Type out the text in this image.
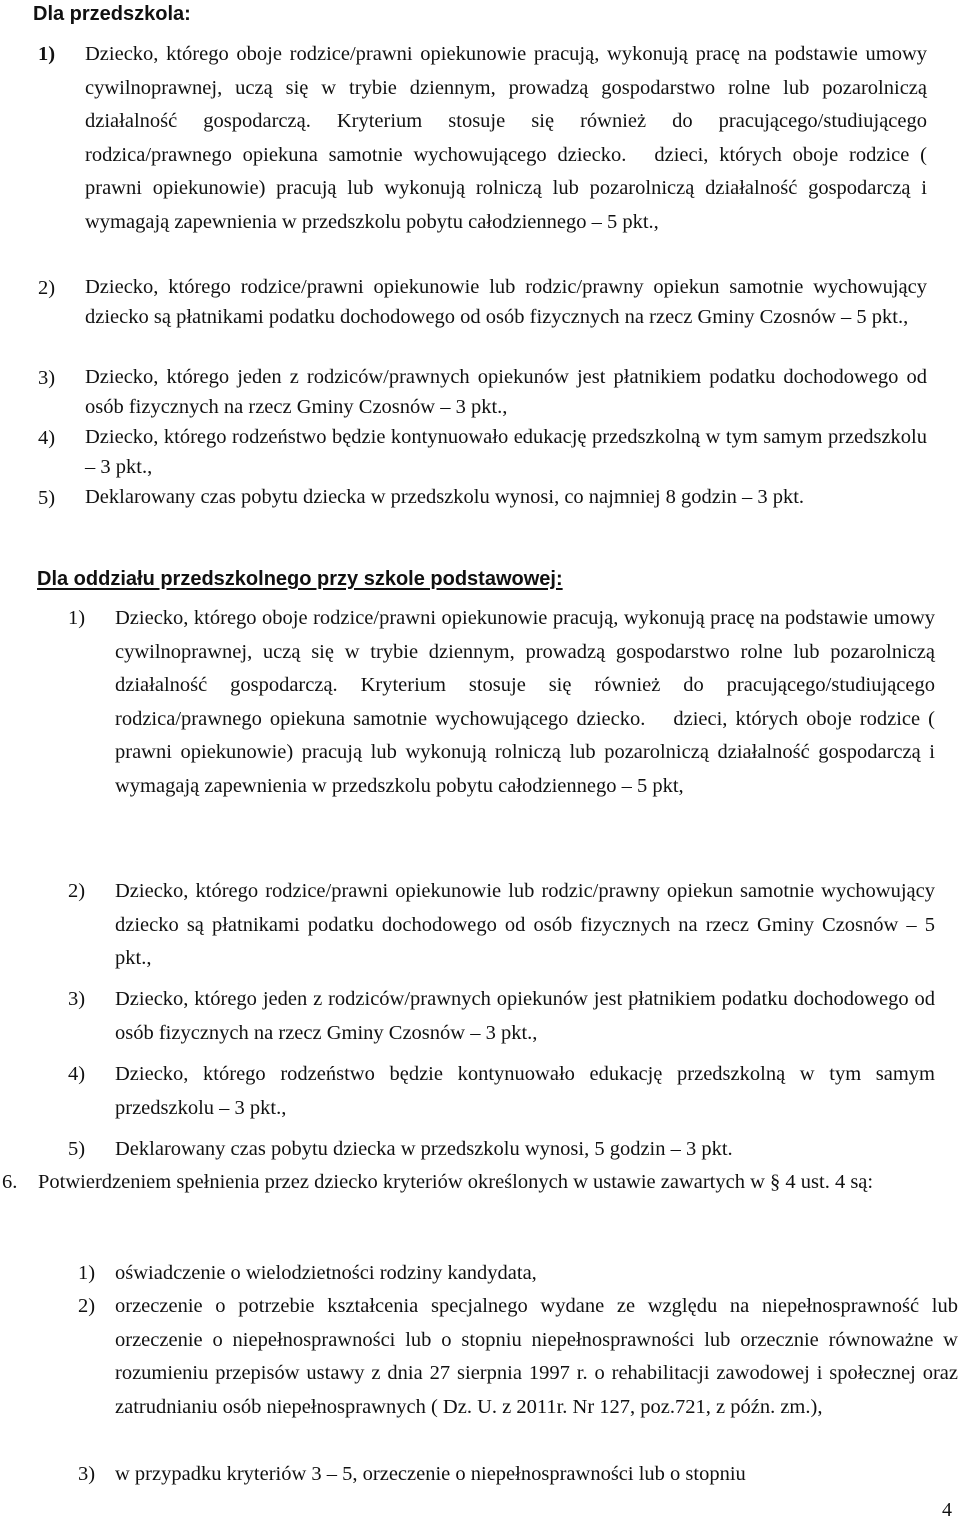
Dla przedszkola:
1) Dziecko, którego oboje rodzice/prawni opiekunowie pracują, wykonują pracę na podstawie umowy cywilnoprawnej, uczą się w trybie dziennym, prowadzą gospodarstwo rolne lub pozarolniczą działalność gospodarczą. Kryterium stosuje się również do pracującego/studiującego rodzica/prawnego opiekuna samotnie wychowującego dziecko. dzieci, których oboje rodzice ( prawni opiekunowie) pracują lub wykonują rolniczą lub pozarolniczą działalność gospodarczą i wymagają zapewnienia w przedszkolu pobytu całodziennego – 5 pkt.,
2) Dziecko, którego rodzice/prawni opiekunowie lub rodzic/prawny opiekun samotnie wychowujący dziecko są płatnikami podatku dochodowego od osób fizycznych na rzecz Gminy Czosnów – 5 pkt.,
3) Dziecko, którego jeden z rodziców/prawnych opiekunów jest płatnikiem podatku dochodowego od osób fizycznych na rzecz Gminy Czosnów – 3 pkt.,
4) Dziecko, którego rodzeństwo będzie kontynuowało edukację przedszkolną w tym samym przedszkolu – 3 pkt.,
5) Deklarowany czas pobytu dziecka w przedszkolu wynosi, co najmniej 8 godzin – 3 pkt.
Dla oddziału przedszkolnego przy szkole podstawowej:
1) Dziecko, którego oboje rodzice/prawni opiekunowie pracują, wykonują pracę na podstawie umowy cywilnoprawnej, uczą się w trybie dziennym, prowadzą gospodarstwo rolne lub pozarolniczą działalność gospodarczą. Kryterium stosuje się również do pracującego/studiującego rodzica/prawnego opiekuna samotnie wychowującego dziecko. dzieci, których oboje rodzice ( prawni opiekunowie) pracują lub wykonują rolniczą lub pozarolniczą działalność gospodarczą i wymagają zapewnienia w przedszkolu pobytu całodziennego – 5 pkt,
2) Dziecko, którego rodzice/prawni opiekunowie lub rodzic/prawny opiekun samotnie wychowujący dziecko są płatnikami podatku dochodowego od osób fizycznych na rzecz Gminy Czosnów – 5 pkt.,
3) Dziecko, którego jeden z rodziców/prawnych opiekunów jest płatnikiem podatku dochodowego od osób fizycznych na rzecz Gminy Czosnów – 3 pkt.,
4) Dziecko, którego rodzeństwo będzie kontynuowało edukację przedszkolną w tym samym przedszkolu – 3 pkt.,
5) Deklarowany czas pobytu dziecka w przedszkolu wynosi, 5 godzin – 3 pkt.
6. Potwierdzeniem spełnienia przez dziecko kryteriów określonych w ustawie zawartych w § 4 ust. 4 są:
1) oświadczenie o wielodzietności rodziny kandydata,
2) orzeczenie o potrzebie kształcenia specjalnego wydane ze względu na niepełnosprawność lub orzeczenie o niepełnosprawności lub o stopniu niepełnosprawności lub orzecznie równoważne w rozumieniu przepisów ustawy z dnia 27 sierpnia 1997 r. o rehabilitacji zawodowej i społecznej oraz zatrudnianiu osób niepełnosprawnych ( Dz. U. z 2011r. Nr 127, poz.721, z późn. zm.),
3) w przypadku kryteriów 3 – 5, orzeczenie o niepełnosprawności lub o stopniu
4
